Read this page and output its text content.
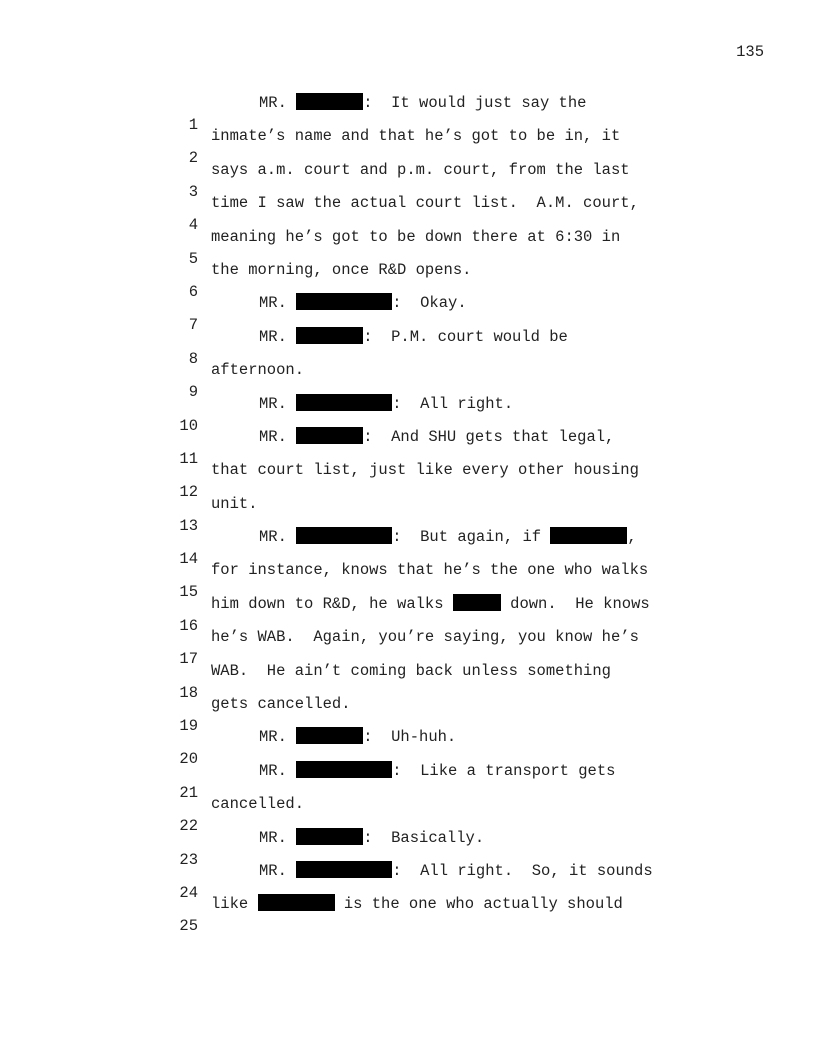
135

1

MR.	:  It would just say the

2

inmate’s name and that he’s got to be in, it

3

says a.m. court and p.m. court, from the last

4

time I saw the actual court list.  A.M. court,

5

meaning he’s got to be down there at 6:30 in

6

the morning, once R&D opens.

7

MR.	:  Okay.

8

MR.	:  P.M. court would be

9

afternoon.

10

MR.	:  All right.

11

MR.	:  And SHU gets that legal,

12

that court list, just like every other housing

13

unit.

14

MR.	:  But again, if	,

15

for instance, knows that he’s the one who walks

16

him down to R&D, he walks	down.  He knows

17

he’s WAB.  Again, you’re saying, you know he’s

18

WAB.  He ain’t coming back unless something

19

gets cancelled.

20

MR.	:  Uh-huh.

21

MR.	:  Like a transport gets

22

cancelled.

23

MR.	:  Basically.

24

MR.	:  All right.  So, it sounds

25

like	is the one who actually should
